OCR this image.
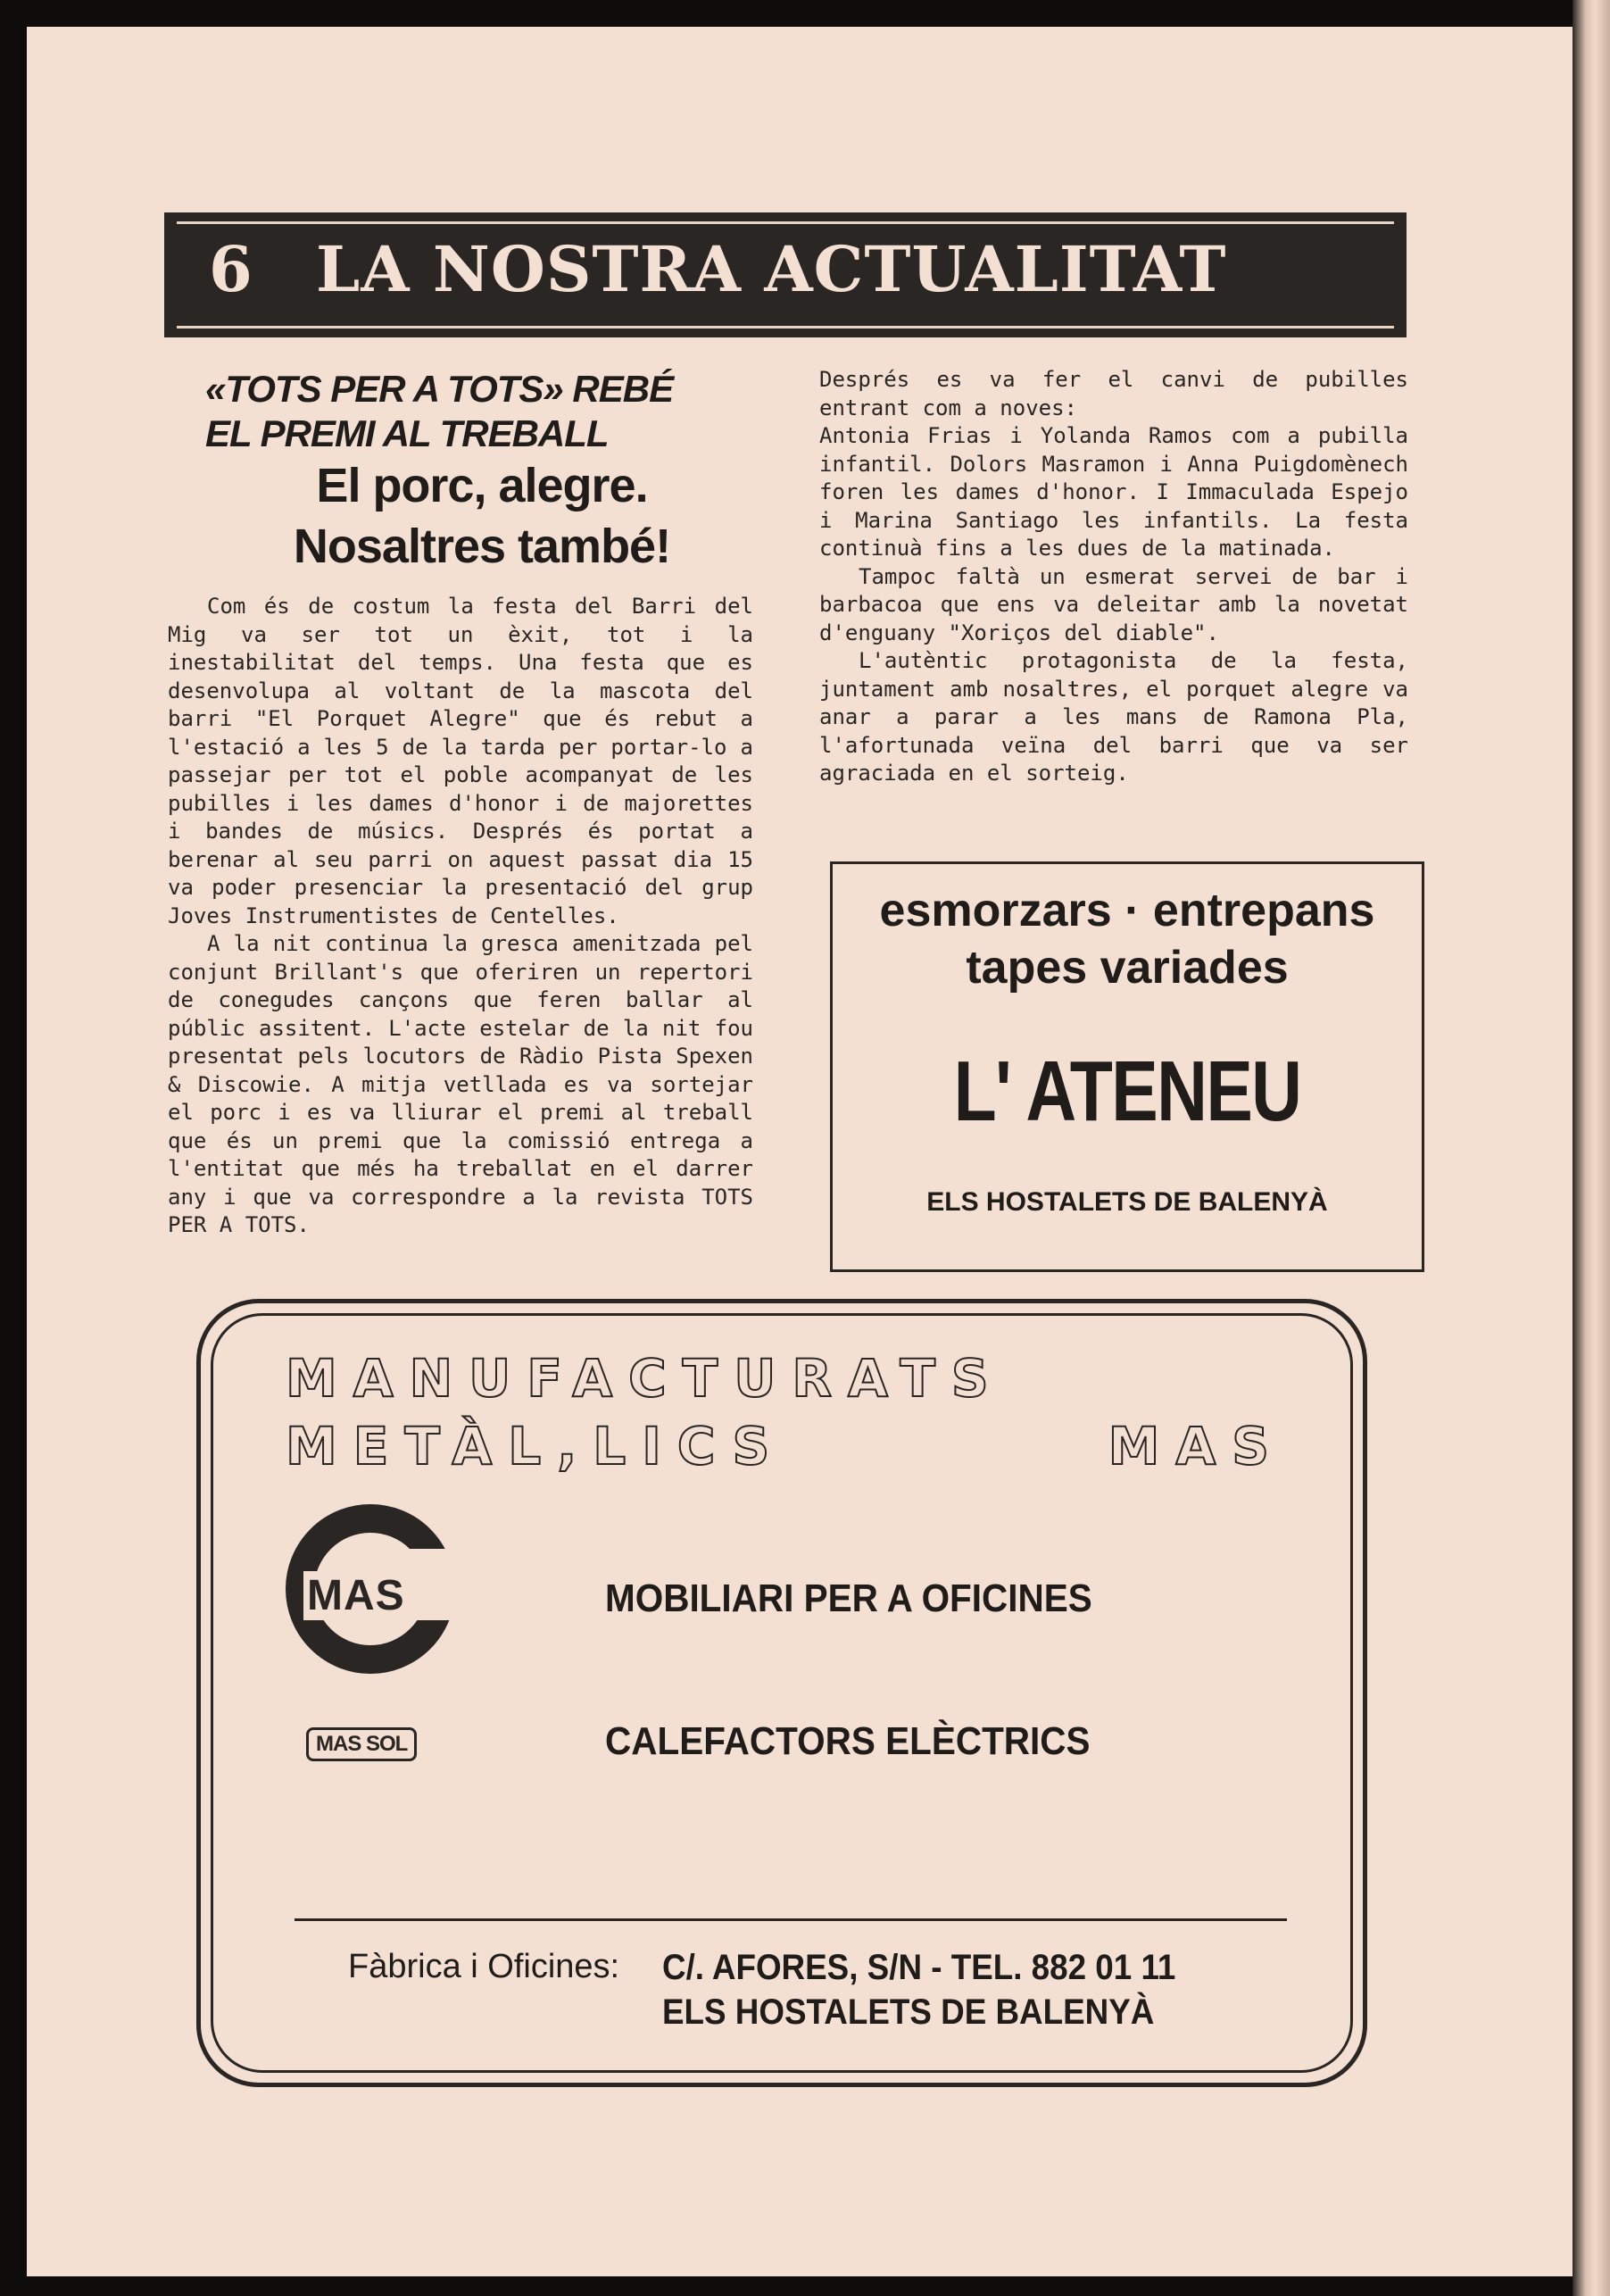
6 LA NOSTRA ACTUALITAT
«TOTS PER A TOTS» REBÉ
EL PREMI AL TREBALL
El porc, alegre.
Nosaltres també!

Com és de costum la festa del Barri del Mig va ser tot un èxit, tot i la inestabilitat del temps. Una festa que es desenvolupa al voltant de la mascota del barri "El Porquet Alegre" que és rebut a l'estació a les 5 de la tarda per portar-lo a passejar per tot el poble acompanyat de les pubilles i les dames d'honor i de majorettes i bandes de músics. Després és portat a berenar al seu parri on aquest passat dia 15 va poder presenciar la presentació del grup Joves Instrumentistes de Centelles.

A la nit continua la gresca amenitzada pel conjunt Brillant's que oferiren un repertori de conegudes cançons que feren ballar al públic assitent. L'acte estelar de la nit fou presentat pels locutors de Ràdio Pista Spexen & Discowie. A mitja vetllada es va sortejar el porc i es va lliurar el premi al treball que és un premi que la comissió entrega a l'entitat que més ha treballat en el darrer any i que va correspondre a la revista TOTS PER A TOTS.

Després es va fer el canvi de pubilles entrant com a noves:

Antonia Frias i Yolanda Ramos com a pubilla infantil. Dolors Masramon i Anna Puigdomènech foren les dames d'honor. I Immaculada Espejo i Marina Santiago les infantils. La festa continuà fins a les dues de la matinada.

Tampoc faltà un esmerat servei de bar i barbacoa que ens va deleitar amb la novetat d'enguany "Xoriços del diable".

L'autèntic protagonista de la festa, juntament amb nosaltres, el porquet alegre va anar a parar a les mans de Ramona Pla, l'afortunada veïna del barri que va ser agraciada en el sorteig.

esmorzars · entrepans
tapes variades
L' ATENEU
ELS HOSTALETS DE BALENYÀ
MANUFACTURATS
METÀL,LICS MAS
MAS
MAS SOL
MOBILIARI PER A OFICINES
CALEFACTORS ELÈCTRICS
Fàbrica i Oficines: C/. AFORES, S/N - TEL. 882 01 11
ELS HOSTALETS DE BALENYÀ
